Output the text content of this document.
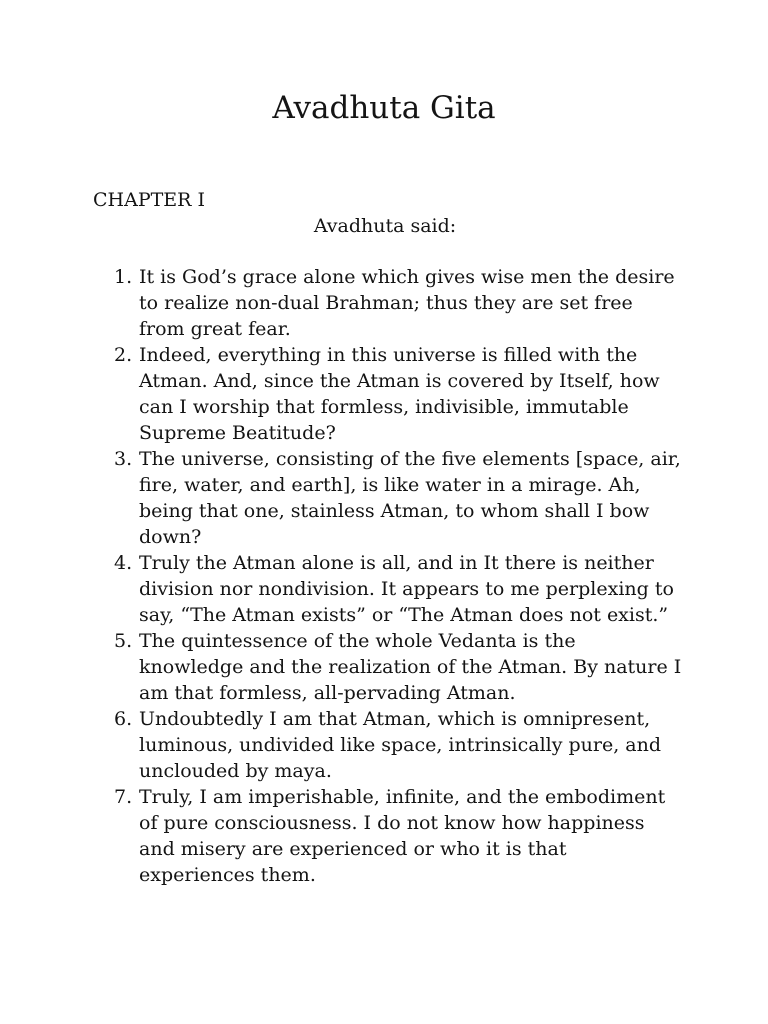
Avadhuta Gita
CHAPTER I

Avadhuta said:

1. It is God’s grace alone which gives wise men the desire to realize non-dual Brahman; thus they are set free from great fear.
2. Indeed, everything in this universe is filled with the Atman. And, since the Atman is covered by Itself, how can I worship that formless, indivisible, immutable Supreme Beatitude?
3. The universe, consisting of the five elements [space, air, fire, water, and earth], is like water in a mirage. Ah, being that one, stainless Atman, to whom shall I bow down?
4. Truly the Atman alone is all, and in It there is neither division nor nondivision. It appears to me perplexing to say, “The Atman exists” or “The Atman does not exist.”
5. The quintessence of the whole Vedanta is the knowledge and the realization of the Atman. By nature I am that formless, all-pervading Atman.
6. Undoubtedly I am that Atman, which is omnipresent, luminous, undivided like space, intrinsically pure, and unclouded by maya.
7. Truly, I am imperishable, infinite, and the embodiment of pure consciousness. I do not know how happiness and misery are experienced or who it is that experiences them.
